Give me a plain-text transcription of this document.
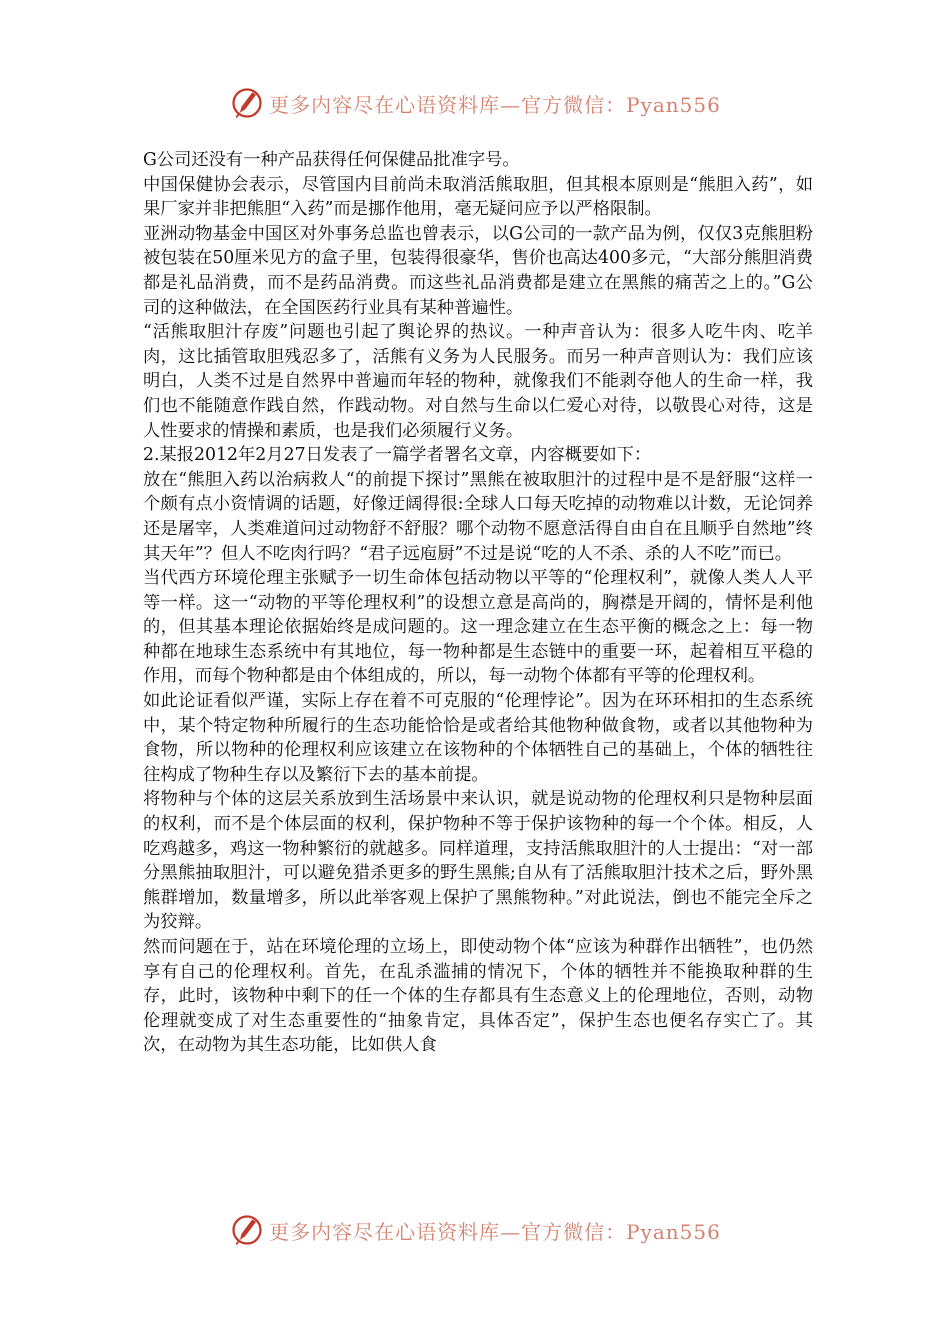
更多内容尽在心语资料库—官方微信：Pyan556

G公司还没有一种产品获得任何保健品批准字号。

中国保健协会表示，尽管国内目前尚未取消活熊取胆，但其根本原则是“熊胆入药”，如果厂家并非把熊胆“入药”而是挪作他用，毫无疑问应予以严格限制。

亚洲动物基金中国区对外事务总监也曾表示，以G公司的一款产品为例，仅仅3克熊胆粉被包装在50厘米见方的盒子里，包装得很豪华，售价也高达400多元，“大部分熊胆消费都是礼品消费，而不是药品消费。而这些礼品消费都是建立在黑熊的痛苦之上的。”G公司的这种做法，在全国医药行业具有某种普遍性。

“活熊取胆汁存废”问题也引起了舆论界的热议。一种声音认为：很多人吃牛肉、吃羊肉，这比插管取胆残忍多了，活熊有义务为人民服务。而另一种声音则认为：我们应该明白，人类不过是自然界中普遍而年轻的物种，就像我们不能剥夺他人的生命一样，我们也不能随意作践自然，作践动物。对自然与生命以仁爱心对待，以敬畏心对待，这是人性要求的情操和素质，也是我们必须履行义务。

2.某报2012年2月27日发表了一篇学者署名文章，内容概要如下：

放在“熊胆入药以治病救人“的前提下探讨”黑熊在被取胆汁的过程中是不是舒服“这样一个颇有点小资情调的话题，好像迂阔得很:全球人口每天吃掉的动物难以计数，无论饲养还是屠宰，人类难道问过动物舒不舒服？哪个动物不愿意活得自由自在且顺乎自然地”终其天年”？但人不吃肉行吗？“君子远庖厨”不过是说“吃的人不杀、杀的人不吃”而已。

当代西方环境伦理主张赋予一切生命体包括动物以平等的“伦理权利”，就像人类人人平等一样。这一“动物的平等伦理权利”的设想立意是高尚的，胸襟是开阔的，情怀是利他的，但其基本理论依据始终是成问题的。这一理念建立在生态平衡的概念之上：每一物种都在地球生态系统中有其地位，每一物种都是生态链中的重要一环，起着相互平稳的作用，而每个物种都是由个体组成的，所以，每一动物个体都有平等的伦理权利。

如此论证看似严谨，实际上存在着不可克服的“伦理悖论”。因为在环环相扣的生态系统中，某个特定物种所履行的生态功能恰恰是或者给其他物种做食物，或者以其他物种为食物，所以物种的伦理权利应该建立在该物种的个体牺牲自己的基础上，个体的牺牲往往构成了物种生存以及繁衍下去的基本前提。

将物种与个体的这层关系放到生活场景中来认识，就是说动物的伦理权利只是物种层面的权利，而不是个体层面的权利，保护物种不等于保护该物种的每一个个体。相反，人吃鸡越多，鸡这一物种繁衍的就越多。同样道理，支持活熊取胆汁的人士提出：“对一部分黑熊抽取胆汁，可以避免猎杀更多的野生黑熊;自从有了活熊取胆汁技术之后，野外黑熊群增加，数量增多，所以此举客观上保护了黑熊物种。”对此说法，倒也不能完全斥之为狡辩。

然而问题在于，站在环境伦理的立场上，即使动物个体“应该为种群作出牺牲”，也仍然享有自己的伦理权利。首先，在乱杀滥捕的情况下，个体的牺牲并不能换取种群的生存，此时，该物种中剩下的任一个体的生存都具有生态意义上的伦理地位，否则，动物伦理就变成了对生态重要性的“抽象肯定，具体否定”，保护生态也便名存实亡了。其次，在动物为其生态功能，比如供人食

更多内容尽在心语资料库—官方微信：Pyan556
